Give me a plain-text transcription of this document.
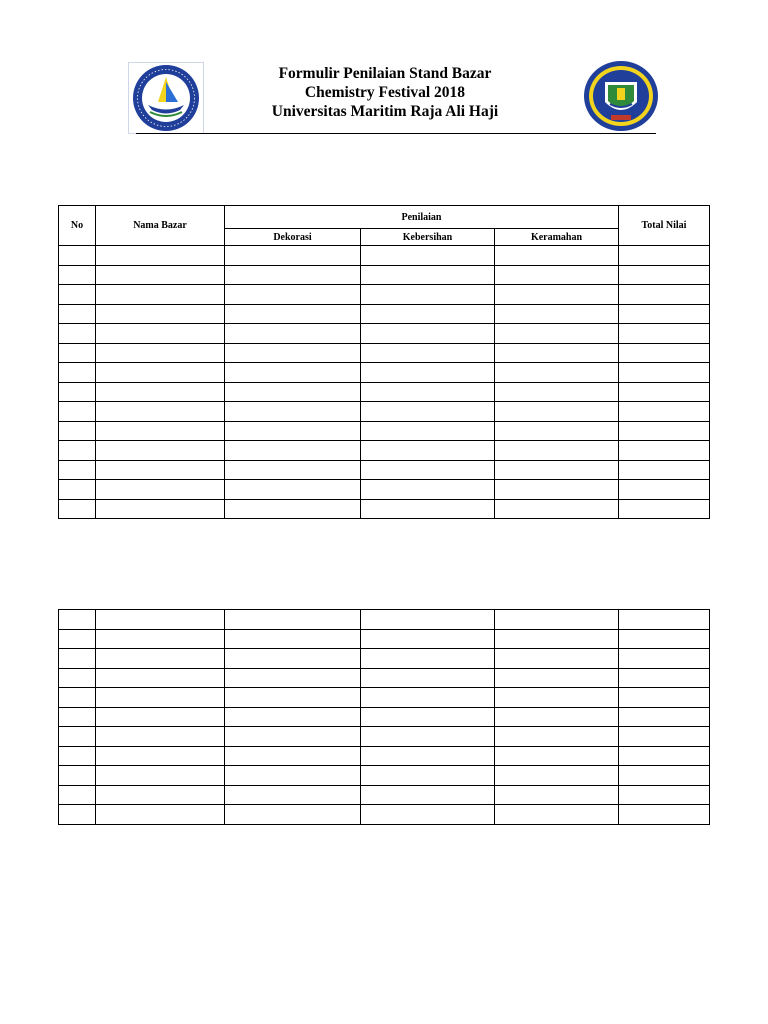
Formulir Penilaian Stand Bazar
Chemistry Festival 2018
Universitas Maritim Raja Ali Haji
No	Nama Bazar	Penilaian			Total Nilai
		Dekorasi	Kebersihan	Keramahan	
